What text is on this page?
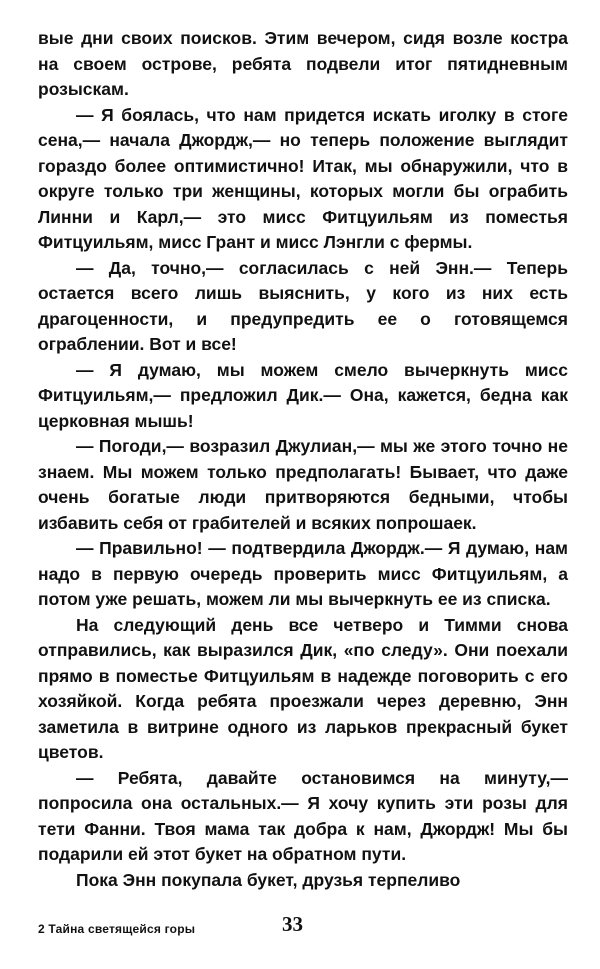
вые дни своих поисков. Этим вечером, сидя возле костра на своем острове, ребята подвели итог пятидневным розыскам.

— Я боялась, что нам придется искать иголку в стоге сена,— начала Джордж,— но теперь положение выглядит гораздо более оптимистично! Итак, мы обнаружили, что в округе только три женщины, которых могли бы ограбить Линни и Карл,— это мисс Фитцуильям из поместья Фитцуильям, мисс Грант и мисс Лэнгли с фермы.

— Да, точно,— согласилась с ней Энн.— Теперь остается всего лишь выяснить, у кого из них есть драгоценности, и предупредить ее о готовящемся ограблении. Вот и все!

— Я думаю, мы можем смело вычеркнуть мисс Фитцуильям,— предложил Дик.— Она, кажется, бедна как церковная мышь!

— Погоди,— возразил Джулиан,— мы же этого точно не знаем. Мы можем только предполагать! Бывает, что даже очень богатые люди притворяются бедными, чтобы избавить себя от грабителей и всяких попрошаек.

— Правильно! — подтвердила Джордж.— Я думаю, нам надо в первую очередь проверить мисс Фитцуильям, а потом уже решать, можем ли мы вычеркнуть ее из списка.

На следующий день все четверо и Тимми снова отправились, как выразился Дик, «по следу». Они поехали прямо в поместье Фитцуильям в надежде поговорить с его хозяйкой. Когда ребята проезжали через деревню, Энн заметила в витрине одного из ларьков прекрасный букет цветов.

— Ребята, давайте остановимся на минуту,— попросила она остальных.— Я хочу купить эти розы для тети Фанни. Твоя мама так добра к нам, Джордж! Мы бы подарили ей этот букет на обратном пути.

Пока Энн покупала букет, друзья терпеливо

2 Тайна светящейся горы	33
